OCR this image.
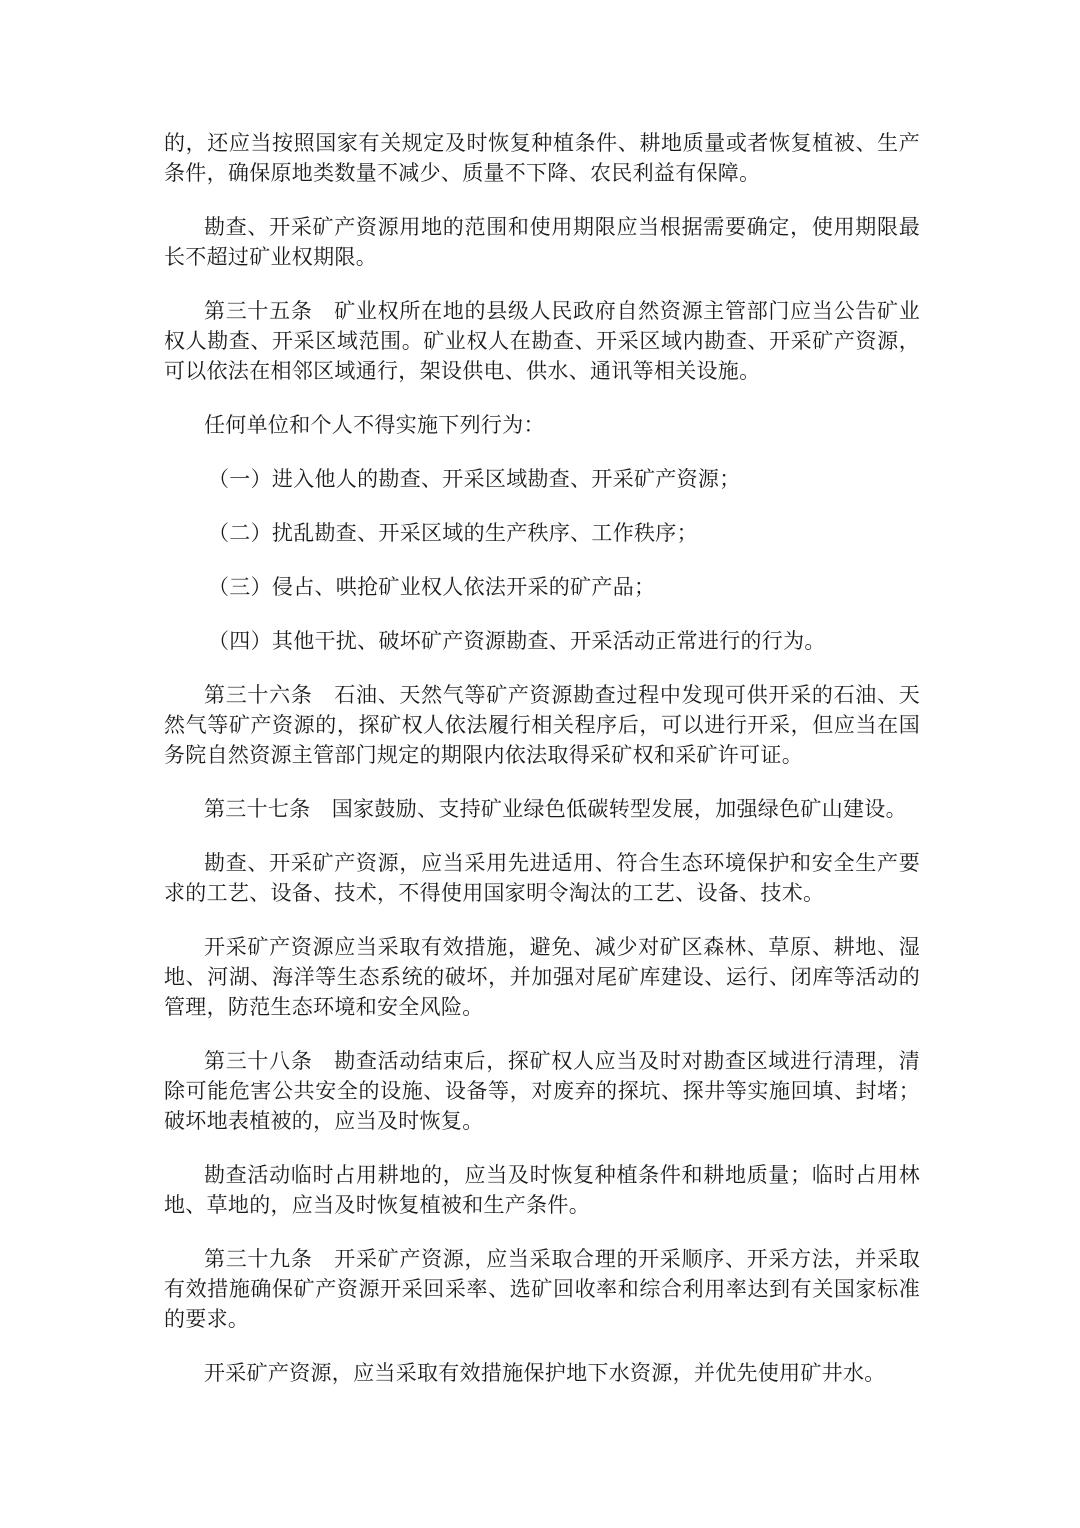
的，还应当按照国家有关规定及时恢复种植条件、耕地质量或者恢复植被、生产条件，确保原地类数量不减少、质量不下降、农民利益有保障。

勘查、开采矿产资源用地的范围和使用期限应当根据需要确定，使用期限最长不超过矿业权期限。

第三十五条　矿业权所在地的县级人民政府自然资源主管部门应当公告矿业权人勘查、开采区域范围。矿业权人在勘查、开采区域内勘查、开采矿产资源，可以依法在相邻区域通行，架设供电、供水、通讯等相关设施。

任何单位和个人不得实施下列行为：

（一）进入他人的勘查、开采区域勘查、开采矿产资源；

（二）扰乱勘查、开采区域的生产秩序、工作秩序；

（三）侵占、哄抢矿业权人依法开采的矿产品；

（四）其他干扰、破坏矿产资源勘查、开采活动正常进行的行为。

第三十六条　石油、天然气等矿产资源勘查过程中发现可供开采的石油、天然气等矿产资源的，探矿权人依法履行相关程序后，可以进行开采，但应当在国务院自然资源主管部门规定的期限内依法取得采矿权和采矿许可证。

第三十七条　国家鼓励、支持矿业绿色低碳转型发展，加强绿色矿山建设。

勘查、开采矿产资源，应当采用先进适用、符合生态环境保护和安全生产要求的工艺、设备、技术，不得使用国家明令淘汰的工艺、设备、技术。

开采矿产资源应当采取有效措施，避免、减少对矿区森林、草原、耕地、湿地、河湖、海洋等生态系统的破坏，并加强对尾矿库建设、运行、闭库等活动的管理，防范生态环境和安全风险。

第三十八条　勘查活动结束后，探矿权人应当及时对勘查区域进行清理，清除可能危害公共安全的设施、设备等，对废弃的探坑、探井等实施回填、封堵；破坏地表植被的，应当及时恢复。

勘查活动临时占用耕地的，应当及时恢复种植条件和耕地质量；临时占用林地、草地的，应当及时恢复植被和生产条件。

第三十九条　开采矿产资源，应当采取合理的开采顺序、开采方法，并采取有效措施确保矿产资源开采回采率、选矿回收率和综合利用率达到有关国家标准的要求。

开采矿产资源，应当采取有效措施保护地下水资源，并优先使用矿井水。
